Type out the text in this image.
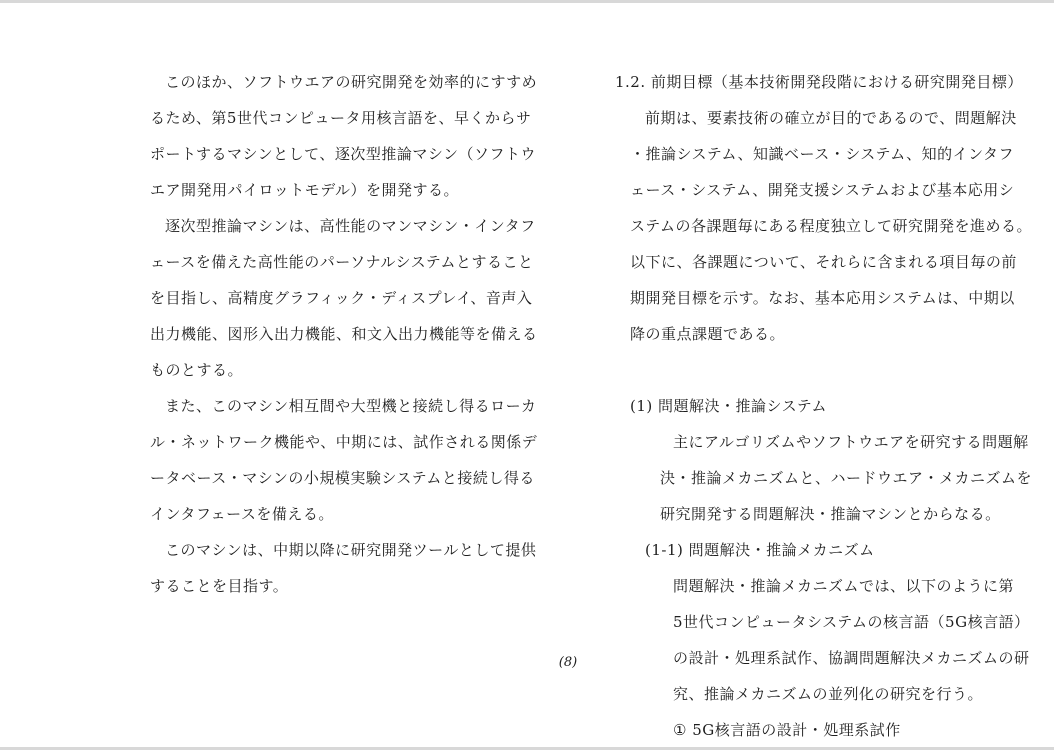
このほか、ソフトウエアの研究開発を効率的にすすめ

るため、第5世代コンピュータ用核言語を、早くからサ

ポートするマシンとして、逐次型推論マシン（ソフトウ

エア開発用パイロットモデル）を開発する。

逐次型推論マシンは、高性能のマンマシン・インタフ

ェースを備えた高性能のパーソナルシステムとすること

を目指し、高精度グラフィック・ディスプレイ、音声入

出力機能、図形入出力機能、和文入出力機能等を備える

ものとする。

また、このマシン相互間や大型機と接続し得るローカ

ル・ネットワーク機能や、中期には、試作される関係デ

ータベース・マシンの小規模実験システムと接続し得る

インタフェースを備える。

このマシンは、中期以降に研究開発ツールとして提供

することを目指す。

1.2. 前期目標（基本技術開発段階における研究開発目標）

前期は、要素技術の確立が目的であるので、問題解決

・推論システム、知識ベース・システム、知的インタフ

ェース・システム、開発支援システムおよび基本応用シ

ステムの各課題毎にある程度独立して研究開発を進める。

以下に、各課題について、それらに含まれる項目毎の前

期開発目標を示す。なお、基本応用システムは、中期以

降の重点課題である。

(1) 問題解決・推論システム

主にアルゴリズムやソフトウエアを研究する問題解

決・推論メカニズムと、ハードウエア・メカニズムを

研究開発する問題解決・推論マシンとからなる。

(1-1) 問題解決・推論メカニズム

問題解決・推論メカニズムでは、以下のように第

5世代コンピュータシステムの核言語（5G核言語）

の設計・処理系試作、協調問題解決メカニズムの研

究、推論メカニズムの並列化の研究を行う。

① 5G核言語の設計・処理系試作

(8)
